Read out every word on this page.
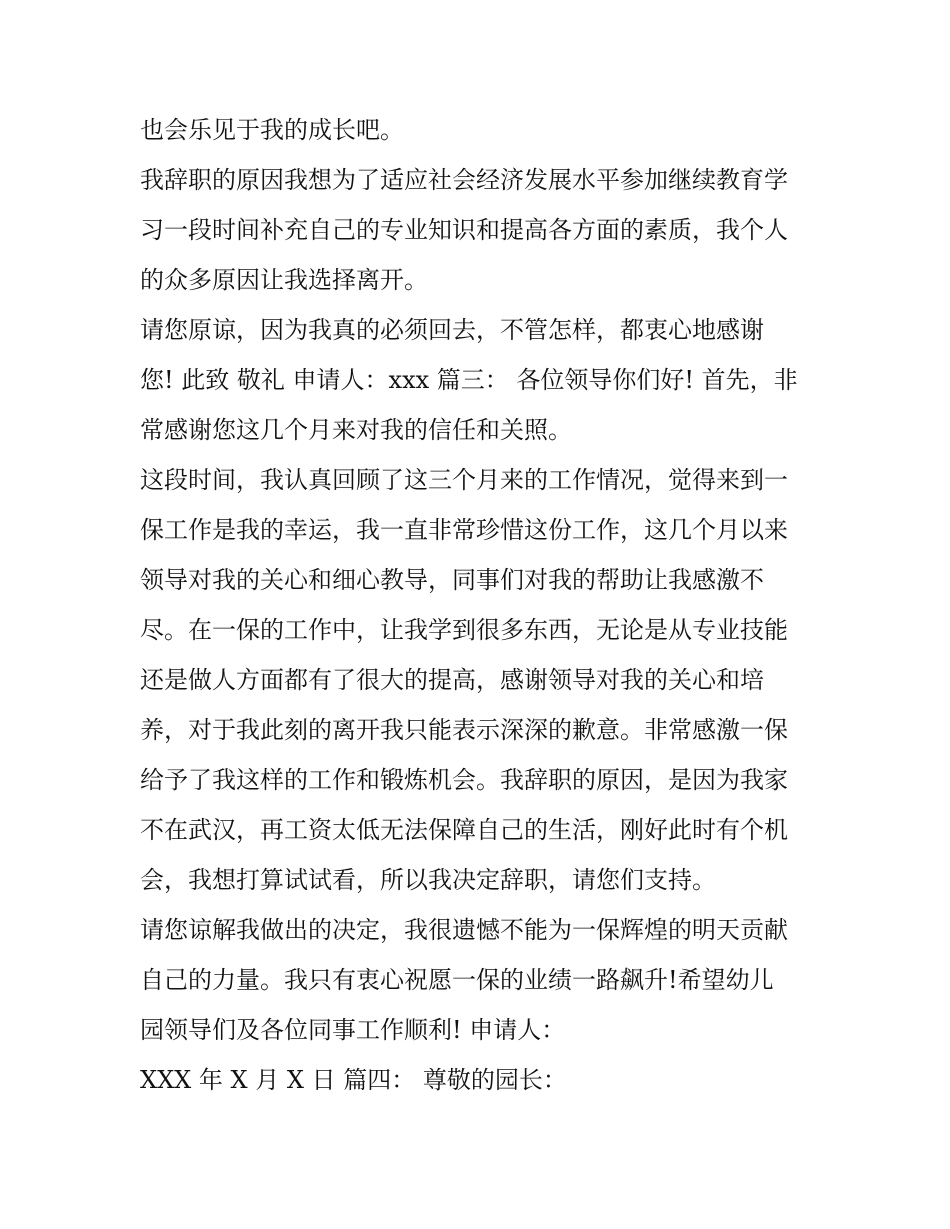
也会乐见于我的成长吧。
我辞职的原因我想为了适应社会经济发展水平参加继续教育学
习一段时间补充自己的专业知识和提高各方面的素质，我个人
的众多原因让我选择离开。
请您原谅，因为我真的必须回去，不管怎样，都衷心地感谢
您! 此致 敬礼 申请人：xxx 篇三： 各位领导你们好! 首先，非
常感谢您这几个月来对我的信任和关照。
这段时间，我认真回顾了这三个月来的工作情况，觉得来到一
保工作是我的幸运，我一直非常珍惜这份工作，这几个月以来
领导对我的关心和细心教导，同事们对我的帮助让我感激不
尽。在一保的工作中，让我学到很多东西，无论是从专业技能
还是做人方面都有了很大的提高，感谢领导对我的关心和培
养，对于我此刻的离开我只能表示深深的歉意。非常感激一保
给予了我这样的工作和锻炼机会。我辞职的原因，是因为我家
不在武汉，再工资太低无法保障自己的生活，刚好此时有个机
会，我想打算试试看，所以我决定辞职，请您们支持。
请您谅解我做出的决定，我很遗憾不能为一保辉煌的明天贡献
自己的力量。我只有衷心祝愿一保的业绩一路飙升!希望幼儿
园领导们及各位同事工作顺利! 申请人：
XXX 年 X 月 X 日 篇四： 尊敬的园长：
